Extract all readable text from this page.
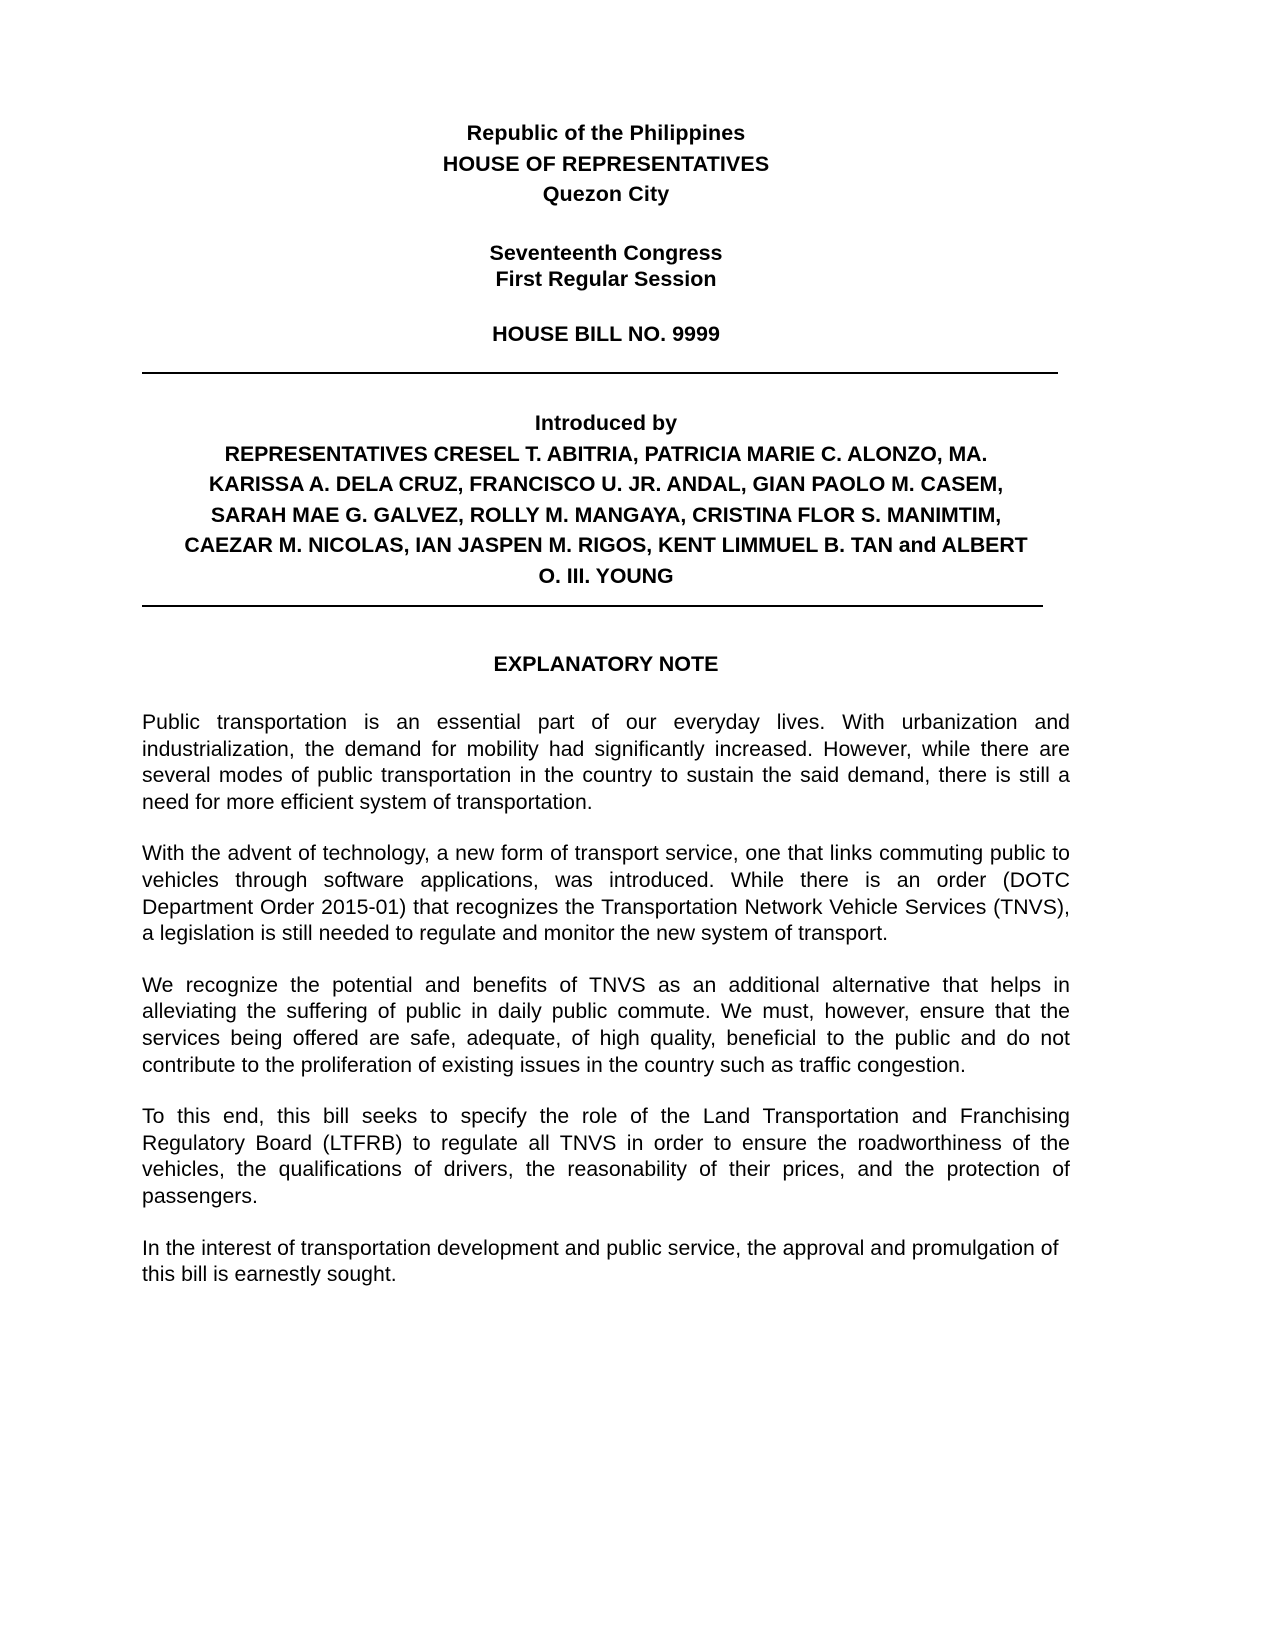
Republic of the Philippines
HOUSE OF REPRESENTATIVES
Quezon City
Seventeenth Congress
First Regular Session
HOUSE BILL NO. 9999
Introduced by
REPRESENTATIVES CRESEL T. ABITRIA, PATRICIA MARIE C. ALONZO, MA.
KARISSA A. DELA CRUZ, FRANCISCO U. JR. ANDAL, GIAN PAOLO M. CASEM,
SARAH MAE G. GALVEZ, ROLLY M. MANGAYA, CRISTINA FLOR S. MANIMTIM,
CAEZAR M. NICOLAS, IAN JASPEN M. RIGOS, KENT LIMMUEL B. TAN and ALBERT
O. III. YOUNG
EXPLANATORY NOTE

Public transportation is an essential part of our everyday lives. With urbanization and industrialization, the demand for mobility had significantly increased. However, while there are several modes of public transportation in the country to sustain the said demand, there is still a need for more efficient system of transportation.

With the advent of technology, a new form of transport service, one that links commuting public to vehicles through software applications, was introduced. While there is an order (DOTC Department Order 2015-01) that recognizes the Transportation Network Vehicle Services (TNVS), a legislation is still needed to regulate and monitor the new system of transport.

We recognize the potential and benefits of TNVS as an additional alternative that helps in alleviating the suffering of public in daily public commute. We must, however, ensure that the services being offered are safe, adequate, of high quality, beneficial to the public and do not contribute to the proliferation of existing issues in the country such as traffic congestion.

To this end, this bill seeks to specify the role of the Land Transportation and Franchising Regulatory Board (LTFRB) to regulate all TNVS in order to ensure the roadworthiness of the vehicles, the qualifications of drivers, the reasonability of their prices, and the protection of passengers.

In the interest of transportation development and public service, the approval and promulgation of this bill is earnestly sought.
